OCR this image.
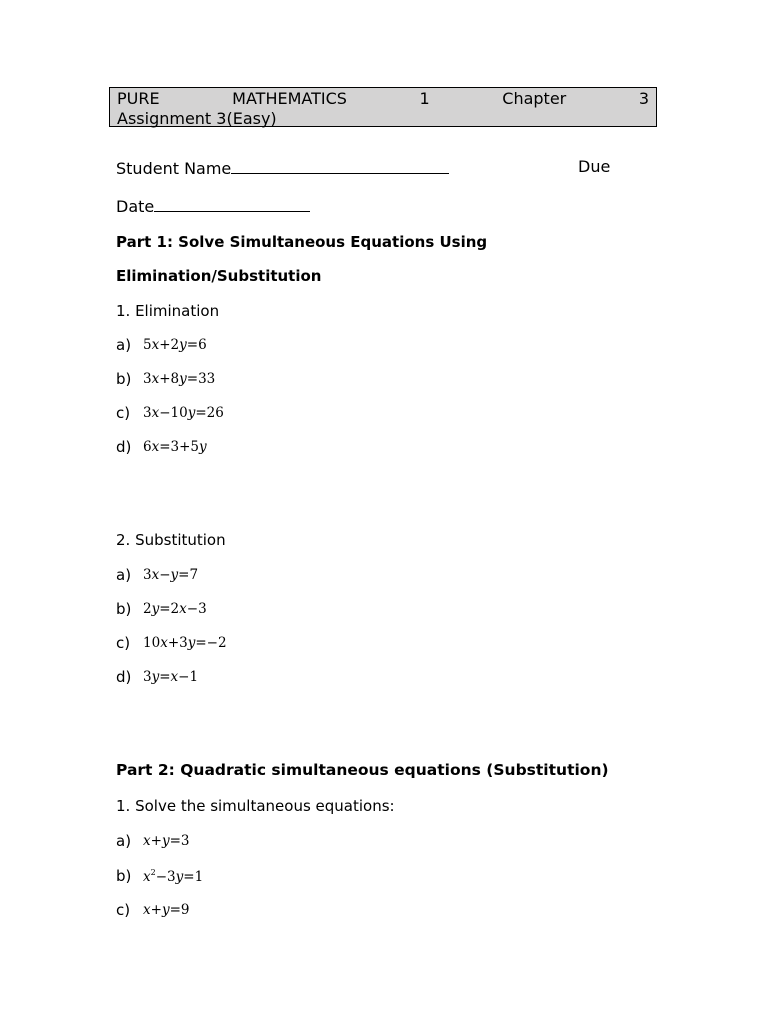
PURE	MATHEMATICS	1	Chapter	3
Assignment 3(Easy)
Student Name	Due
Date
Part 1: Solve Simultaneous Equations Using
Elimination/Substitution
1. Elimination
a) 5x+2y=6
b) 3x+8y=33
c) 3x−10y=26
d) 6x=3+5y
2. Substitution
a) 3x−y=7
b) 2y=2x−3
c) 10x+3y=−2
d) 3y=x−1
Part 2: Quadratic simultaneous equations (Substitution)
1. Solve the simultaneous equations:
a) x+y=3
b) $x^2-3y=1$
c) x+y=9
